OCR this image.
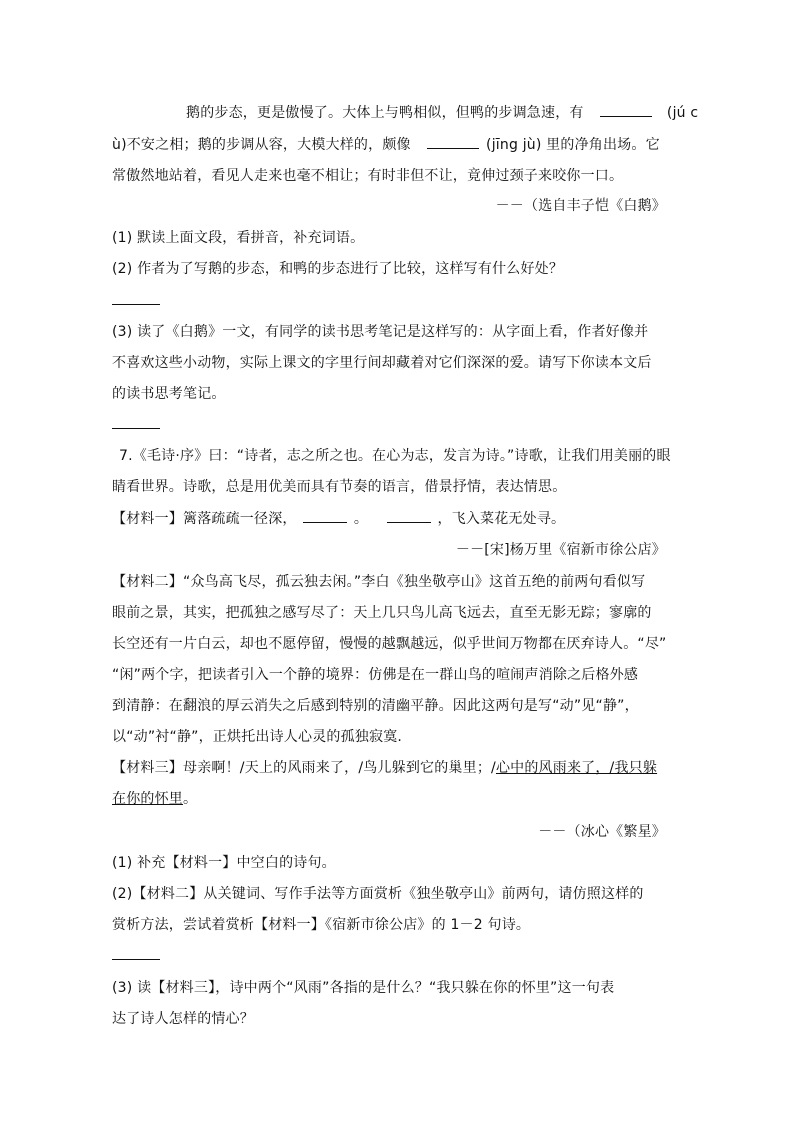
鹅的步态，更是傲慢了。大体上与鸭相似，但鸭的步调急速，有	(jú c
ù)不安之相；鹅的步调从容，大模大样的，颇像	(jīng jù) 里的净角出场。它
常傲然地站着，看见人走来也毫不相让；有时非但不让，竟伸过颈子来咬你一口。
－－（选自丰子恺《白鹅》
(1) 默读上面文段，看拼音，补充词语。
(2) 作者为了写鹅的步态，和鸭的步态进行了比较，这样写有什么好处？
(3) 读了《白鹅》一文，有同学的读书思考笔记是这样写的：从字面上看，作者好像并
不喜欢这些小动物，实际上课文的字里行间却藏着对它们深深的爱。请写下你读本文后
的读书思考笔记。
7.《毛诗·序》曰：“诗者，志之所之也。在心为志，发言为诗。”诗歌，让我们用美丽的眼
睛看世界。诗歌，总是用优美而具有节奏的语言，借景抒情，表达情思。
【材料一】篱落疏疏一径深，	。	，飞入菜花无处寻。
－－[宋]杨万里《宿新市徐公店》
【材料二】“众鸟高飞尽，孤云独去闲。”李白《独坐敬亭山》这首五绝的前两句看似写
眼前之景，其实，把孤独之感写尽了：天上几只鸟儿高飞远去，直至无影无踪；寥廓的
长空还有一片白云，却也不愿停留，慢慢的越飘越远，似乎世间万物都在厌弃诗人。“尽”
“闲”两个字，把读者引入一个静的境界：仿佛是在一群山鸟的喧闹声消除之后格外感
到清静：在翻浪的厚云消失之后感到特别的清幽平静。因此这两句是写“动”见“静”，
以“动”衬“静”，正烘托出诗人心灵的孤独寂寞.
【材料三】母亲啊！/天上的风雨来了，/鸟儿躲到它的巢里；/心中的风雨来了，/我只躲
在你的怀里。
－－（冰心《繁星》
(1) 补充【材料一】中空白的诗句。
(2)【材料二】从关键词、写作手法等方面赏析《独坐敬亭山》前两句，请仿照这样的
赏析方法，尝试着赏析【材料一】《宿新市徐公店》的 1－2 句诗。
(3) 读【材料三】，诗中两个“风雨”各指的是什么？“我只躲在你的怀里”这一句表
达了诗人怎样的情心？
